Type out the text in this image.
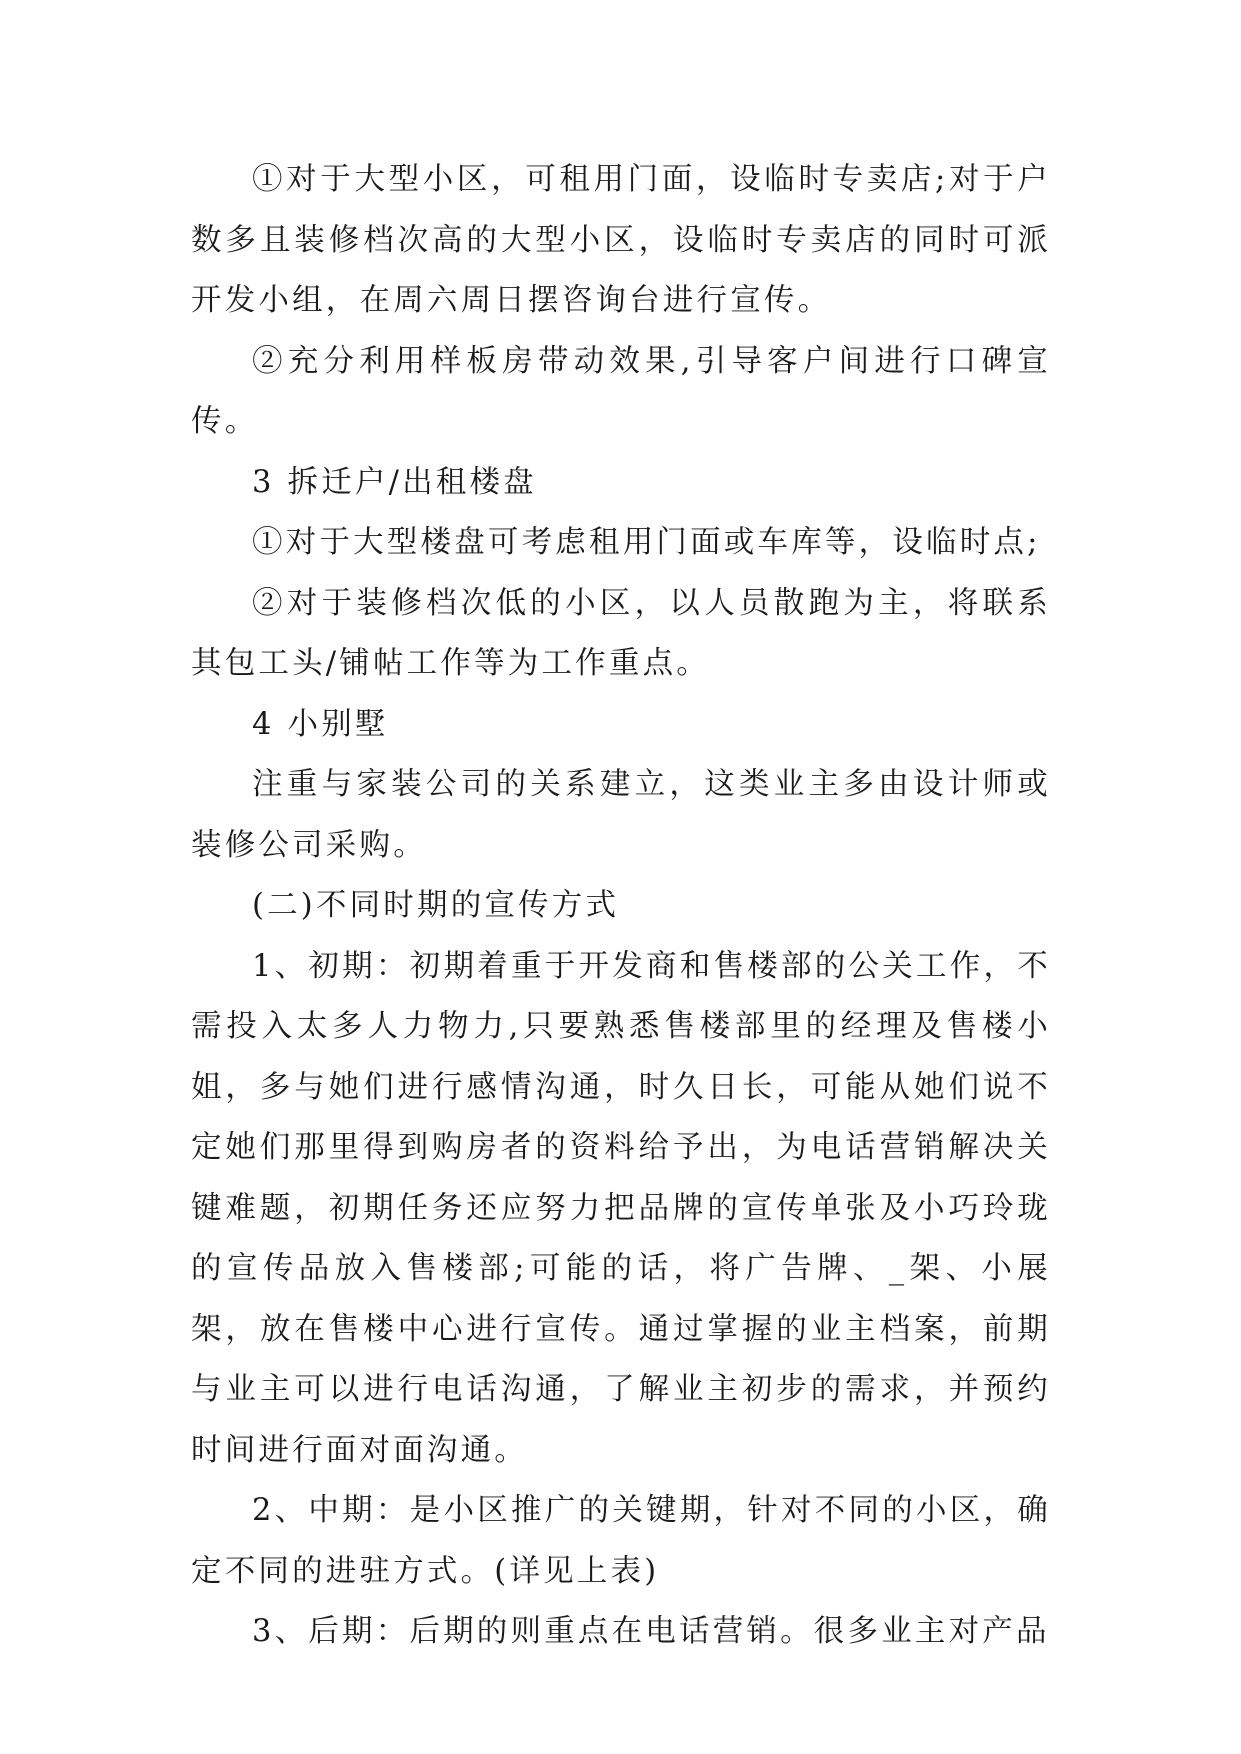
①对于大型小区，可租用门面，设临时专卖店;对于户数多且装修档次高的大型小区，设临时专卖店的同时可派开发小组，在周六周日摆咨询台进行宣传。

②充分利用样板房带动效果,引导客户间进行口碑宣传。

3 拆迁户/出租楼盘

①对于大型楼盘可考虑租用门面或车库等，设临时点;

②对于装修档次低的小区，以人员散跑为主，将联系其包工头/铺帖工作等为工作重点。

4 小别墅

注重与家装公司的关系建立，这类业主多由设计师或装修公司采购。

(二)不同时期的宣传方式

1、初期：初期着重于开发商和售楼部的公关工作，不需投入太多人力物力,只要熟悉售楼部里的经理及售楼小姐，多与她们进行感情沟通，时久日长，可能从她们说不定她们那里得到购房者的资料给予出，为电话营销解决关键难题，初期任务还应努力把品牌的宣传单张及小巧玲珑的宣传品放入售楼部;可能的话，将广告牌、_架、小展架，放在售楼中心进行宣传。通过掌握的业主档案，前期与业主可以进行电话沟通，了解业主初步的需求，并预约时间进行面对面沟通。

2、中期：是小区推广的关键期，针对不同的小区，确定不同的进驻方式。(详见上表)

3、后期：后期的则重点在电话营销。很多业主对产品
